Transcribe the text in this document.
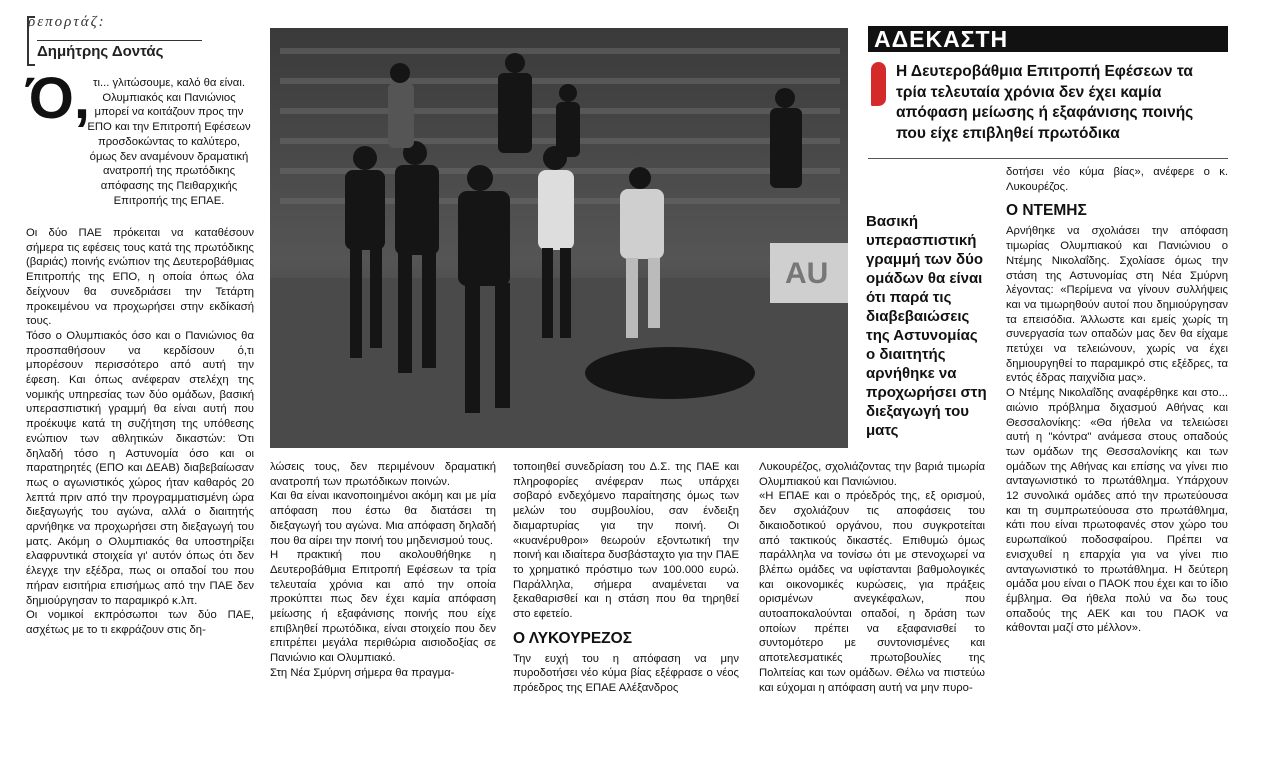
ρεπορτάζ:
Δημήτρης Δοντάς
Ό, τι... γλιτώσουμε, καλό θα είναι. Ολυμπιακός και Πανιώνιος μπορεί να κοιτάζουν προς την ΕΠΟ και την Επιτροπή Εφέσεων προσδοκώντας το καλύτερο, όμως δεν αναμένουν δραματική ανατροπή της πρωτόδικης απόφασης της Πειθαρχικής Επιτροπής της ΕΠΑΕ.

Οι δύο ΠΑΕ πρόκειται να καταθέσουν σήμερα τις εφέσεις τους κατά της πρωτόδικης (βαριάς) ποινής ενώπιον της Δευτεροβάθμιας Επιτροπής της ΕΠΟ, η οποία όπως όλα δείχνουν θα συνεδριάσει την Τετάρτη προκειμένου να προχωρήσει στην εκδίκασή τους.

Τόσο ο Ολυμπιακός όσο και ο Πανιώνιος θα προσπαθήσουν να κερδίσουν ό,τι μπορέσουν περισσότερο από αυτή την έφεση. Και όπως ανέφεραν στελέχη της νομικής υπηρεσίας των δύο ομάδων, βασική υπερασπιστική γραμμή θα είναι αυτή που προέκυψε κατά τη συζήτηση της υπόθεσης ενώπιον των αθλητικών δικαστών: Ότι δηλαδή τόσο η Αστυνομία όσο και οι παρατηρητές (ΕΠΟ και ΔΕΑΒ) διαβεβαίωσαν πως ο αγωνιστικός χώρος ήταν καθαρός 20 λεπτά πριν από την προγραμματισμένη ώρα διεξαγωγής του αγώνα, αλλά ο διαιτητής αρνήθηκε να προχωρήσει στη διεξαγωγή του ματς. Ακόμη ο Ολυμπιακός θα υποστηρίξει ελαφρυντικά στοιχεία γι' αυτόν όπως ότι δεν έλεγχε την εξέδρα, πως οι οπαδοί του που πήραν εισιτήρια επισήμως από την ΠΑΕ δεν δημιούργησαν το παραμικρό κ.λπ.

Οι νομικοί εκπρόσωποι των δύο ΠΑΕ, ασχέτως με το τι εκφράζουν στις δη-

AU

λώσεις τους, δεν περιμένουν δραματική ανατροπή των πρωτόδικων ποινών.

Και θα είναι ικανοποιημένοι ακόμη και με μία απόφαση που έστω θα διατάσει τη διεξαγωγή του αγώνα. Μια απόφαση δηλαδή που θα αίρει την ποινή του μηδενισμού τους.

Η πρακτική που ακολουθήθηκε η Δευτεροβάθμια Επιτροπή Εφέσεων τα τρία τελευταία χρόνια και από την οποία προκύπτει πως δεν έχει καμία απόφαση μείωσης ή εξαφάνισης ποινής που είχε επιβληθεί πρωτόδικα, είναι στοιχείο που δεν επιτρέπει μεγάλα περιθώρια αισιοδοξίας σε Πανιώνιο και Ολυμπιακό.

Στη Νέα Σμύρνη σήμερα θα πραγμα-

τοποιηθεί συνεδρίαση του Δ.Σ. της ΠΑΕ και πληροφορίες ανέφεραν πως υπάρχει σοβαρό ενδεχόμενο παραίτησης όμως των μελών του συμβουλίου, σαν ένδειξη διαμαρτυρίας για την ποινή. Οι «κυανέρυθροι» θεωρούν εξοντωτική την ποινή και ιδιαίτερα δυσβάσταχτο για την ΠΑΕ το χρηματικό πρόστιμο των 100.000 ευρώ. Παράλληλα, σήμερα αναμένεται να ξεκαθαρισθεί και η στάση που θα τηρηθεί στο εφετείο.

Ο ΛΥΚΟΥΡΕΖΟΣ

Την ευχή του η απόφαση να μην πυροδοτήσει νέο κύμα βίας εξέφρασε ο νέος πρόεδρος της ΕΠΑΕ Αλέξανδρος

Λυκουρέζος, σχολιάζοντας την βαριά τιμωρία Ολυμπιακού και Πανιώνιου.

«Η ΕΠΑΕ και ο πρόεδρός της, εξ ορισμού, δεν σχολιάζουν τις αποφάσεις του δικαιοδοτικού οργάνου, που συγκροτείται από τακτικούς δικαστές. Επιθυμώ όμως παράλληλα να τονίσω ότι με στενοχωρεί να βλέπω ομάδες να υφίστανται βαθμολογικές και οικονομικές κυρώσεις, για πράξεις ορισμένων ανεγκέφαλων, που αυτοαποκαλούνται οπαδοί, η δράση των οποίων πρέπει να εξαφανισθεί το συντομότερο με συντονισμένες και αποτελεσματικές πρωτοβουλίες της Πολιτείας και των ομάδων. Θέλω να πιστεύω και εύχομαι η απόφαση αυτή να μην πυρο-

ΑΔΕΚΑΣΤΗ
Η Δευτεροβάθμια Επιτροπή Εφέσεων τα τρία τελευταία χρόνια δεν έχει καμία απόφαση μείωσης ή εξαφάνισης ποινής που είχε επιβληθεί πρωτόδικα
Βασική υπερασπιστική γραμμή των δύο ομάδων θα είναι ότι παρά τις διαβεβαιώσεις της Αστυνομίας ο διαιτητής αρνήθηκε να προχωρήσει στη διεξαγωγή του ματς

δοτήσει νέο κύμα βίας», ανέφερε ο κ. Λυκουρέζος.

Ο ΝΤΕΜΗΣ

Αρνήθηκε να σχολιάσει την απόφαση τιμωρίας Ολυμπιακού και Πανιώνιου ο Ντέμης Νικολαΐδης. Σχολίασε όμως την στάση της Αστυνομίας στη Νέα Σμύρνη λέγοντας: «Περίμενα να γίνουν συλλήψεις και να τιμωρηθούν αυτοί που δημιούργησαν τα επεισόδια. Άλλωστε και εμείς χωρίς τη συνεργασία των οπαδών μας δεν θα είχαμε πετύχει να τελειώνουν, χωρίς να έχει δημιουργηθεί το παραμικρό στις εξέδρες, τα εντός έδρας παιχνίδια μας».

Ο Ντέμης Νικολαΐδης αναφέρθηκε και στο... αιώνιο πρόβλημα διχασμού Αθήνας και Θεσσαλονίκης: «Θα ήθελα να τελειώσει αυτή η "κόντρα" ανάμεσα στους οπαδούς των ομάδων της Θεσσαλονίκης και των ομάδων της Αθήνας και επίσης να γίνει πιο ανταγωνιστικό το πρωτάθλημα. Υπάρχουν 12 συνολικά ομάδες από την πρωτεύουσα και τη συμπρωτεύουσα στο πρωτάθλημα, κάτι που είναι πρωτοφανές στον χώρο του ευρωπαϊκού ποδοσφαίρου. Πρέπει να ενισχυθεί η επαρχία για να γίνει πιο ανταγωνιστικό το πρωτάθλημα. Η δεύτερη ομάδα μου είναι ο ΠΑΟΚ που έχει και το ίδιο έμβλημα. Θα ήθελα πολύ να δω τους οπαδούς της ΑΕΚ και του ΠΑΟΚ να κάθονται μαζί στο μέλλον».
